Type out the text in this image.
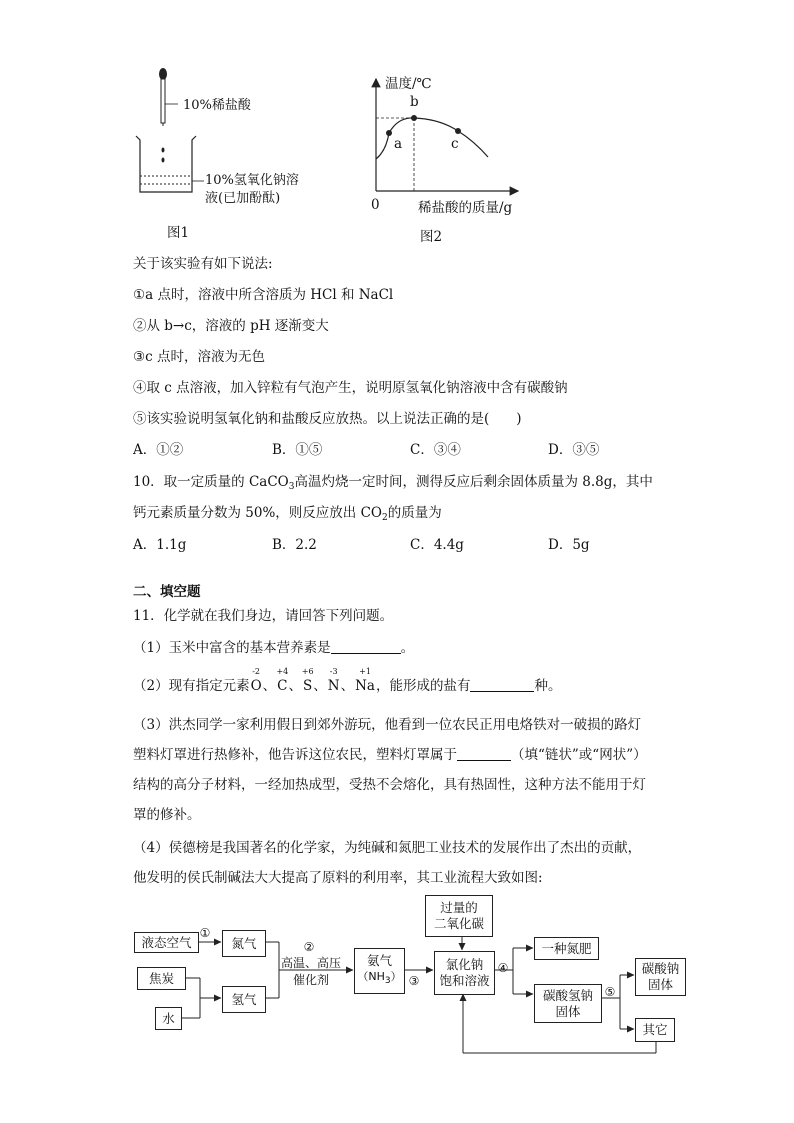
10%稀盐酸
10%氢氧化钠溶
液(已加酚酞)
图1
温度/℃
b
a	c
0	稀盐酸的质量/g
图2
关于该实验有如下说法:
①a 点时，溶液中所含溶质为 HCl 和 NaCl
②从 b→c，溶液的 pH 逐渐变大
③c 点时，溶液为无色
④取 c 点溶液，加入锌粒有气泡产生，说明原氢氧化钠溶液中含有碳酸钠
⑤该实验说明氢氧化钠和盐酸反应放热。以上说法正确的是(　　)
A．①②	B．①⑤	C．③④	D．③⑤
10．取一定质量的 CaCO$_3$高温灼烧一定时间，测得反应后剩余固体质量为 8.8g，其中
钙元素质量分数为 50%，则反应放出 $CO_2$的质量为
A．1.1g	B．2.2	C．4.4g	D．5g
二、填空题
11．化学就在我们身边，请回答下列问题。
（1）玉米中富含的基本营养素是	。
（2）现有指定元素
-2
O、
+4
C、
+6
S、
-3
N、
+1
Na，能形成的盐有	种。
（3）洪杰同学一家利用假日到郊外游玩，他看到一位农民正用电烙铁对一破损的路灯
塑料灯罩进行热修补，他告诉这位农民，塑料灯罩属于	（填“链状”或“网状”）
结构的高分子材料，一经加热成型，受热不会熔化，具有热固性，这种方法不能用于灯
罩的修补。
（4）侯德榜是我国著名的化学家，为纯碱和氮肥工业技术的发展作出了杰出的贡献，
他发明的侯氏制碱法大大提高了原料的利用率，其工业流程大致如图:
液态空气
①
氮气
焦炭
水
氢气
②
高温、高压
催化剂
氨气
$(NH_3)$ ③
过量的
二氧化碳
氯化钠
饱和溶液
④
一种氮肥
碳酸氢钠
固体
⑤
碳酸钠
固体
其它
